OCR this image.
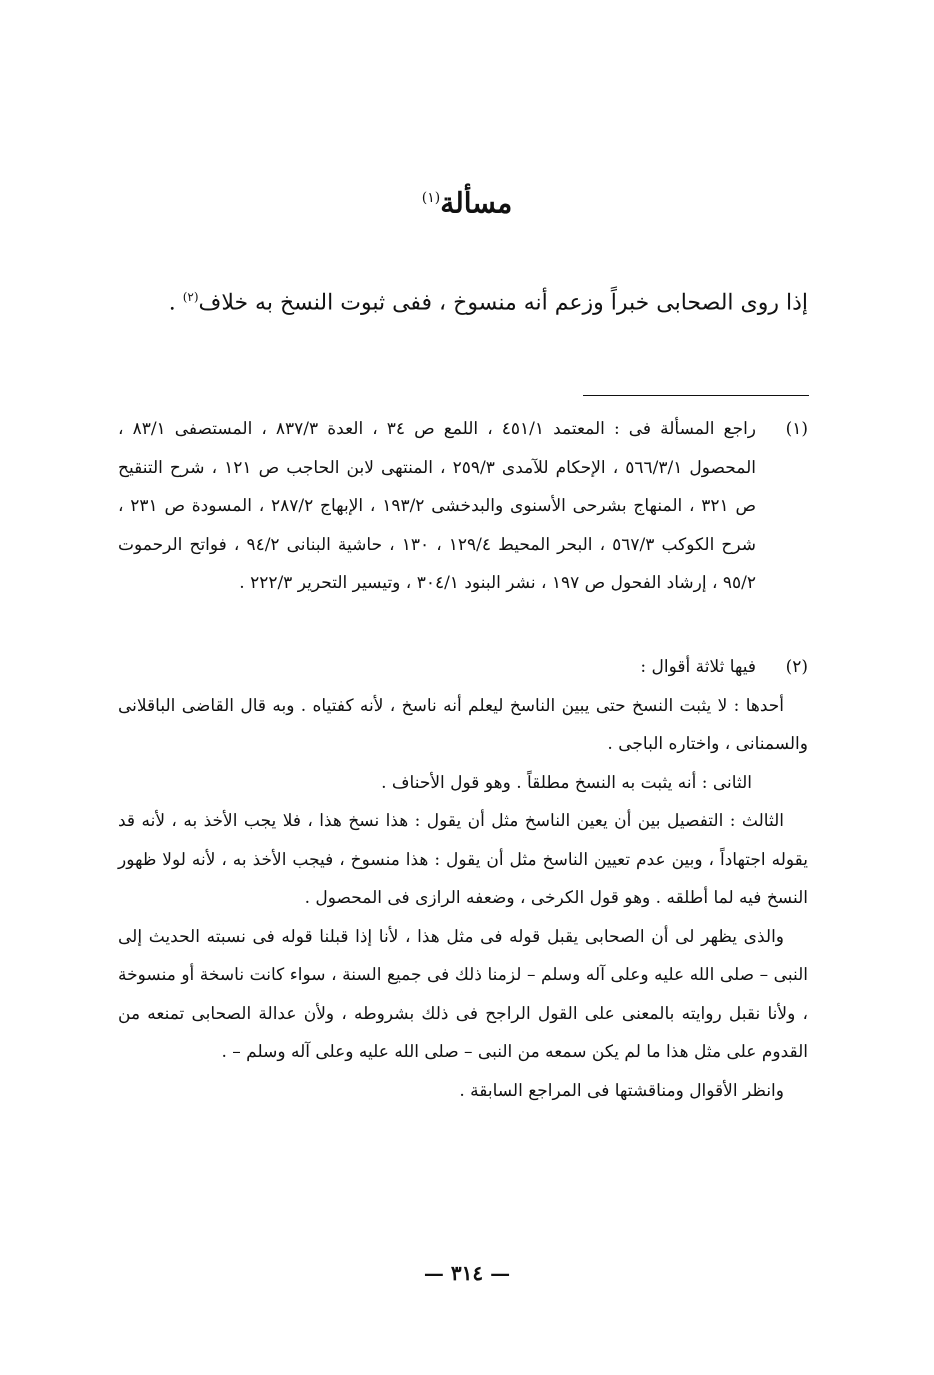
مسألة$^{(١)}$

إذا روى الصحابى خبراً وزعم أنه منسوخ ، ففى ثبوت النسخ به خلاف$^{(٢)}$ .

(١)
راجع المسألة فى : المعتمد ٤٥١/١ ، اللمع ص ٣٤ ، العدة ٨٣٧/٣ ، المستصفى ٨٣/١ ، المحصول ٥٦٦/٣/١ ، الإحكام للآمدى ٢٥٩/٣ ، المنتهى لابن الحاجب ص ١٢١ ، شرح التنقيح ص ٣٢١ ، المنهاج بشرحى الأسنوى والبدخشى ١٩٣/٢ ، الإبهاج ٢٨٧/٢ ، المسودة ص ٢٣١ ، شرح الكوكب ٥٦٧/٣ ، البحر المحيط ١٢٩/٤ ، ١٣٠ ، حاشية البنانى ٩٤/٢ ، فواتح الرحموت ٩٥/٢ ، إرشاد الفحول ص ١٩٧ ، نشر البنود ٣٠٤/١ ، وتيسير التحرير ٢٢٢/٣ .
(٢)
فيها ثلاثة أقوال :

أحدها : لا يثبت النسخ حتى يبين الناسخ ليعلم أنه ناسخ ، لأنه كفتياه . وبه قال القاضى الباقلانى والسمنانى ، واختاره الباجى .

الثانى : أنه يثبت به النسخ مطلقاً . وهو قول الأحناف .

الثالث : التفصيل بين أن يعين الناسخ مثل أن يقول : هذا نسخ هذا ، فلا يجب الأخذ به ، لأنه قد يقوله اجتهاداً ، وبين عدم تعيين الناسخ مثل أن يقول : هذا منسوخ ، فيجب الأخذ به ، لأنه لولا ظهور النسخ فيه لما أطلقه . وهو قول الكرخى ، وضعفه الرازى فى المحصول .

والذى يظهر لى أن الصحابى يقبل قوله فى مثل هذا ، لأنا إذا قبلنا قوله فى نسبته الحديث إلى النبى – صلى الله عليه وعلى آله وسلم – لزمنا ذلك فى جميع السنة ، سواء كانت ناسخة أو منسوخة ، ولأنا نقبل روايته بالمعنى على القول الراجح فى ذلك بشروطه ، ولأن عدالة الصحابى تمنعه من القدوم على مثل هذا ما لم يكن سمعه من النبى – صلى الله عليه وعلى آله وسلم – .

وانظر الأقوال ومناقشتها فى المراجع السابقة .

— ٣١٤ —
